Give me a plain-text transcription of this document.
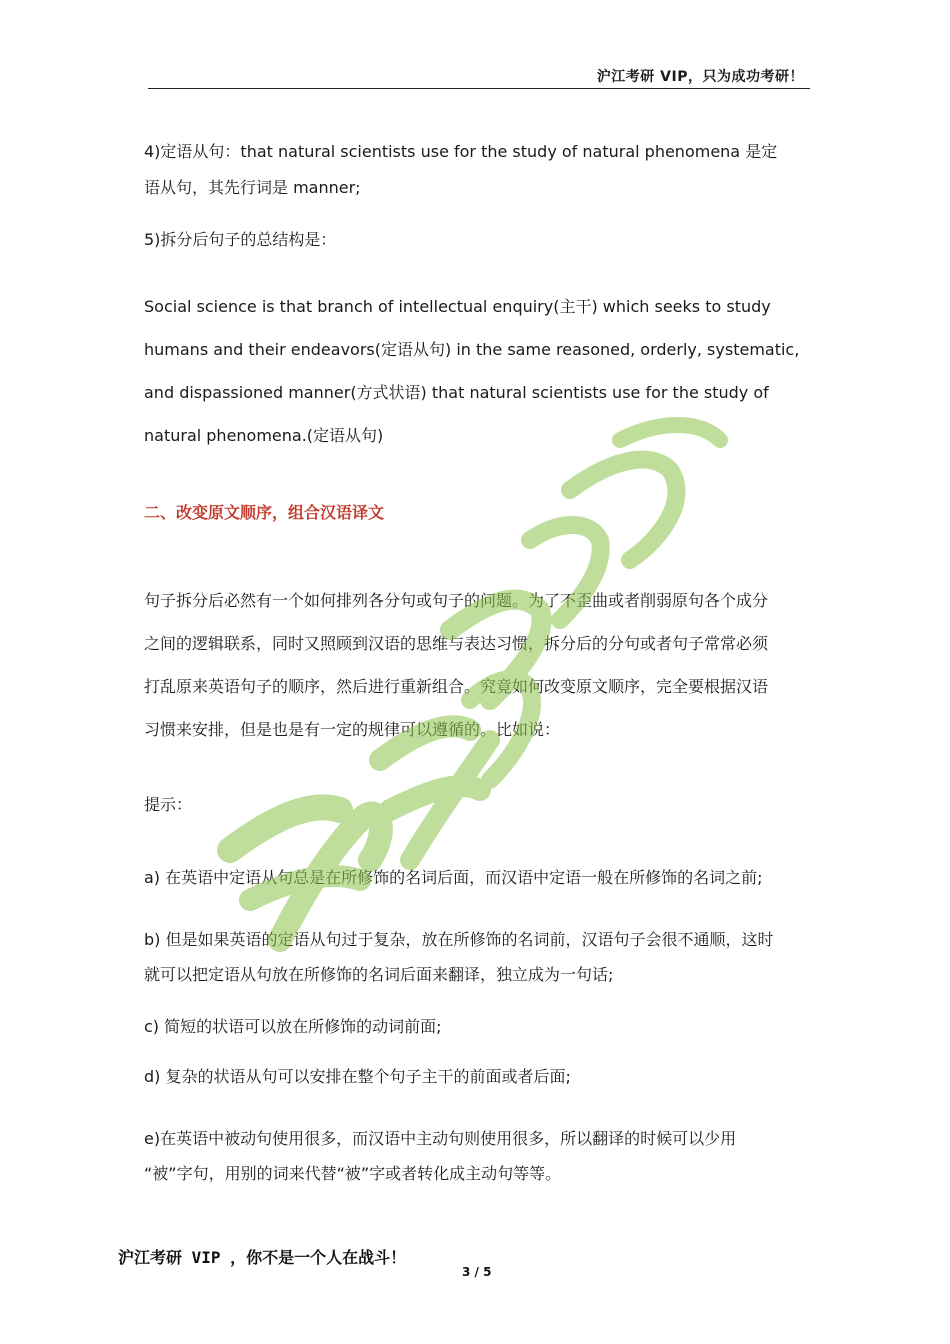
沪江考研 VIP，只为成功考研！

4)定语从句：that natural scientists use for the study of natural phenomena 是定

语从句，其先行词是 manner;

5)拆分后句子的总结构是：

Social science is that branch of intellectual enquiry(主干) which seeks to study

humans and their endeavors(定语从句) in the same reasoned, orderly, systematic,

and dispassioned manner(方式状语) that natural scientists use for the study of

natural phenomena.(定语从句)

二、改变原文顺序，组合汉语译文

句子拆分后必然有一个如何排列各分句或句子的问题。为了不歪曲或者削弱原句各个成分

之间的逻辑联系，同时又照顾到汉语的思维与表达习惯，拆分后的分句或者句子常常必须

打乱原来英语句子的顺序，然后进行重新组合。究竟如何改变原文顺序，完全要根据汉语

习惯来安排，但是也是有一定的规律可以遵循的。比如说：

提示：

a) 在英语中定语从句总是在所修饰的名词后面，而汉语中定语一般在所修饰的名词之前;

b) 但是如果英语的定语从句过于复杂，放在所修饰的名词前，汉语句子会很不通顺，这时

就可以把定语从句放在所修饰的名词后面来翻译，独立成为一句话;

c) 简短的状语可以放在所修饰的动词前面;

d) 复杂的状语从句可以安排在整个句子主干的前面或者后面;

e)在英语中被动句使用很多，而汉语中主动句则使用很多，所以翻译的时候可以少用

“被”字句，用别的词来代替“被”字或者转化成主动句等等。

沪江考研 VIP ，你不是一个人在战斗！
3 / 5
